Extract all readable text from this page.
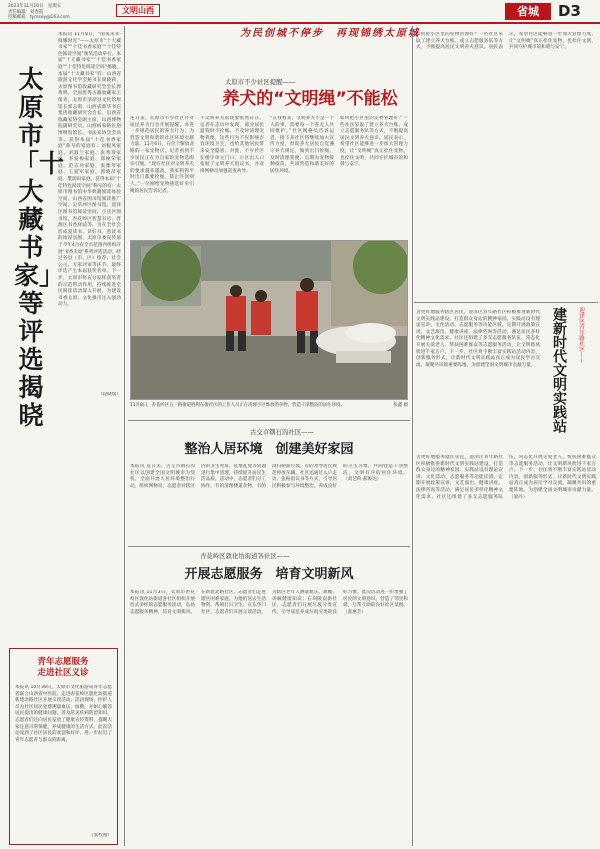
2023年11月10日　星期五
责任编辑：刘春霞
投稿邮箱：tymsey@163.com
文明山西	省城	D3
太原市「十大藏书家」等评选揭晓
本报讯 11月8日，“阅见未来·阅耀时光”——太原市“十大藏书家”“十佳书香家庭”“十佳特色阅读空间”颁奖活动举行。本届“十大藏书家”“十佳书香家庭”“十佳特色阅读空间”揭晓。本届“十大藏书家”有：山西省旅游文化学会秘书长梁晓莉，太原图书馆收藏研究会会长郭黄明，全国优秀古籍收藏家王保青，太原市清徐县文化馆原馆长郭志明，山西省新华书店集团收藏研究会会长、山西省收藏家协会副主席，山西博物院副研究员、山西杨家峪民俗博物馆馆长、书法家协会会员等。获得本届“十佳书香家庭”称号的家庭有：刘根凤家庭、刘淑兰家庭、张秀珍家庭、李爱梅家庭、郑俊荣家庭、范志功家庭、张雅琴家庭、王爱军家庭、郭晓萍家庭、樊润田家庭。获得本届“十佳特色阅读空间”称号的有：太原市图书馆中华典籍阅读体验空间、山西省图书馆阅读推广空间、尖草坪区图书馆、迎泽区图书馆阅读空间、小店区图书馆、杏花岭区智慧书房、晋源区书香驿站等。为在全社会形成爱读书、读好书、善读书的浓厚氛围，太原市委宣传部于今年4月在全市范围内组织开展‘书香太原’系列评选活动，经过各县（市、区）推荐、社会公示、专家评审等环节，最终评选产生本届获奖名单。下一步，太原市将充分发挥获奖者的示范带动作用，持续推进全民阅读活动深入开展，为建设书香太原、文化强市注入强劲动力。
（段晓瑞）
青年志愿服务
走进社区义诊
本报讯 10月30日，太原市文化旅游局青年志愿者联合山西省中医院，走进杏花岭区敦化坊街道新建北路社区开展义诊活动。活动现场，医护人员为社区居民免费测量血压、血糖，并耐心解答居民提出的健康问题，普及常见疾病防治知识。志愿者们还向居民发放了健康宣传资料，提醒大家注意日常保健，养成健康的生活方式。此次活动受到了社区居民的欢迎和好评，进一步拉近了青年志愿者与群众的距离。
（张程燕）
为民创城不停步　再现锦绣太原城
太原市不少社区提醒——
养犬的“文明绳”不能松
连日来，太原市不少社区针对居民养犬行为开展提醒，并进一步规范居民的养犬行为，为营造文明和谐的社区环境贡献力量。11月6日，在位于解放北路的一家宠物店，记者看到不少居民正在为自家的宠物选购牵引绳。“现在社区对文明养犬的要求越来越高，我家狗狗平时出门都要拴绳，防止吓到别人。”一位刚给宠物挑选好牵引绳的居民告诉记者。
不文明养犬的现象依然存在。记者在走访中发现，部分居民遛狗时不拴绳、不及时清理宠物粪便，这些行为不仅影响市容环境卫生，也给其他居民带来安全隐患。对此，不少社区在楼宇单元门口、小区出入口张贴了文明养犬倡议书，并安排网格员加强巡查劝导。
“在我看来，文明养犬不是一个人的事，需要每一个养犬人共同维护。”社区网格员告诉记者，接下来社区将继续加大宣传力度，督促养犬居民自觉遵守养犬规定，做到出门拴绳、及时清理粪便、定期为宠物接种疫苗，共同营造和谐美好的居住环境。
如何把小区里的宠物管理好？一些社区采取了建立养犬台账、成立志愿服务队等方式，不断提高居民文明养犬意识。居民表示，希望社区能够进一步加大管理力度，让“文明绳”真正拴住宠物，也拴住文明，共同守护城市的和谐与安宁。
11月8日，杏花岭区五一路街道胜利东街社区的工作人员正在清理小区堆放的杂物，营造干净整洁的居住环境。	张鑫 摄
古交市钢石沟社区——
整治人居环境　创建美好家园
本报讯 连日来，古交市钢石沟社区以创建全国文明城市为契机，全面开展人居环境整治行动，组织网格员、志愿者对辖区内的卫生死角、乱堆乱放等问题进行集中清理，持续提升居民生活品质。活动中，志愿者们分工协作，有的清理楼道杂物，有的清扫路面垃圾，有的劝导居民规范停放车辆。社区还通过入户走访、张贴倡议书等方式，引导居民积极参与环境整治，养成良好的卫生习惯，共同营造干净整洁、文明有序的居住环境。 （刘艺荷 郝俊达）
杏花岭区敦化坊街道各社区——
开展志愿服务　培育文明新风
本报讯 11月3日，太原市杏花岭区敦化坊街道各社区组织开展形式多样的志愿服务活动，弘扬志愿服务精神，培育文明新风。在新建北路社区，志愿者们走进辖区困难家庭，为他们送去生活物资，帮助打扫卫生；在东华门社区，志愿者们开展义诊活动，为辖区老年人测量血压、血糖，讲解健康知识；在坝陵南街社区，志愿者们开展垃圾分类宣传，引导居民养成垃圾分类的良好习惯。此次活动进一步增强了居民的文明意识，营造了邻里和谐、互帮互助的良好社区氛围。 （张惠芳）
如何把小区里的宠物管理好？一些社区采取了建立养犬台账、成立志愿服务队等方式，不断提高居民文明养犬意识。居民表示，希望社区能够进一步加大管理力度，让“文明绳”真正拴住宠物，也拴住文明，共同守护城市的和谐与安宁。
为更好地服务辖区居民，迎泽区青年路社区积极推进新时代文明实践站建设，打造群众身边的精神家园。实践站设有理论宣讲、文化活动、志愿服务等功能区域，定期开展政策宣讲、文艺演出、健康讲座、法律咨询等活动，满足居民多样化精神文化需求。社区还组建了多支志愿服务队伍，常态化开展关爱老人、帮扶困难群众等志愿服务活动，让文明新风吹进千家万户。下一步，社区将不断丰富实践站活动内容，创新服务形式，让新时代文明实践站真正成为居民学习交流、凝聚共识的重要阵地，为创建全国文明城市贡献力量。
迎泽区青年路社区——
建新时代文明实践站
为更好地服务辖区居民，迎泽区青年路社区积极推进新时代文明实践站建设，打造群众身边的精神家园。实践站设有理论宣讲、文化活动、志愿服务等功能区域，定期开展政策宣讲、文艺演出、健康讲座、法律咨询等活动，满足居民多样化精神文化需求。社区还组建了多支志愿服务队伍，常态化开展关爱老人、帮扶困难群众等志愿服务活动，让文明新风吹进千家万户。下一步，社区将不断丰富实践站活动内容，创新服务形式，让新时代文明实践站真正成为居民学习交流、凝聚共识的重要阵地，为创建全国文明城市贡献力量。 （梁丹）
